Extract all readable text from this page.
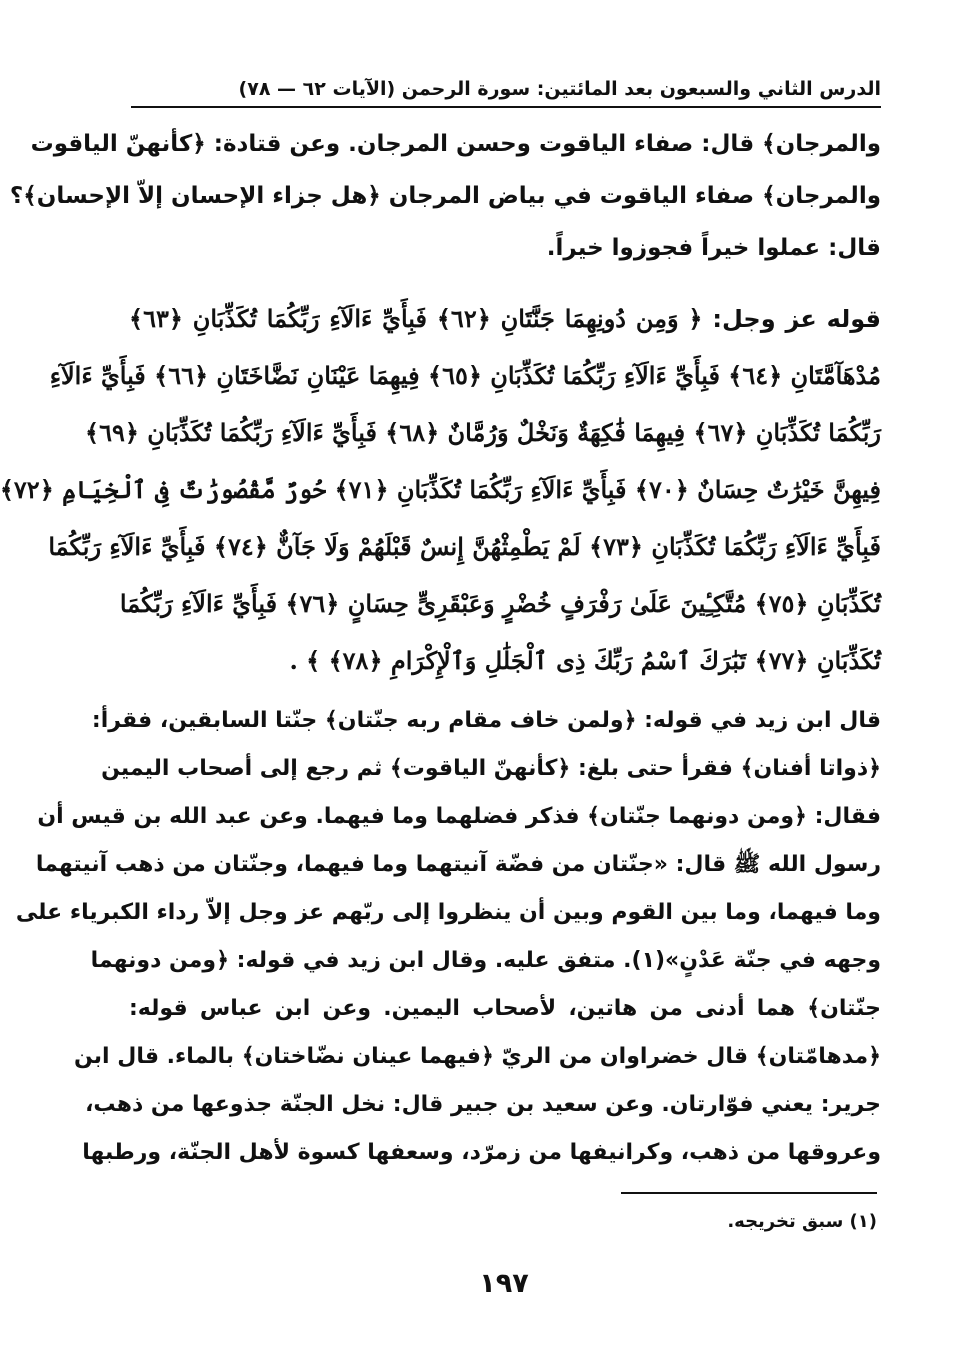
الدرس الثاني والسبعون بعد المائتين: سورة الرحمن (الآيات ٦٢ — ٧٨)
والمرجان﴾ قال: صفاء الياقوت وحسن المرجان. وعن قتادة: ﴿كأنهنّ الياقوت
والمرجان﴾ صفاء الياقوت في بياض المرجان ﴿هل جزاء الإحسان إلاّ الإحسان﴾؟
قال: عملوا خيراً فجوزوا خيراً.
قوله عز وجل: ﴿ وَمِن دُونِهِمَا جَنَّتَانِ ﴿٦٢﴾ فَبِأَيِّ ءَالَآءِ رَبِّكُمَا تُكَذِّبَانِ ﴿٦٣﴾
مُدْهَآمَّتَانِ ﴿٦٤﴾ فَبِأَيِّ ءَالَآءِ رَبِّكُمَا تُكَذِّبَانِ ﴿٦٥﴾ فِيهِمَا عَيْنَانِ نَضَّاخَتَانِ ﴿٦٦﴾ فَبِأَيِّ ءَالَآءِ
رَبِّكُمَا تُكَذِّبَانِ ﴿٦٧﴾ فِيهِمَا فَٰكِهَةٌ وَنَخْلٌ وَرُمَّانٌ ﴿٦٨﴾ فَبِأَيِّ ءَالَآءِ رَبِّكُمَا تُكَذِّبَانِ ﴿٦٩﴾
فِيهِنَّ خَيْرَٰتٌ حِسَانٌ ﴿٧٠﴾ فَبِأَيِّ ءَالَآءِ رَبِّكُمَا تُكَذِّبَانِ ﴿٧١﴾ حُورٌ مَّقْصُورَٰتٌ فِى ٱلْخِيَامِ ﴿٧٢﴾
فَبِأَيِّ ءَالَآءِ رَبِّكُمَا تُكَذِّبَانِ ﴿٧٣﴾ لَمْ يَطْمِثْهُنَّ إِنسٌ قَبْلَهُمْ وَلَا جَآنٌّ ﴿٧٤﴾ فَبِأَيِّ ءَالَآءِ رَبِّكُمَا
تُكَذِّبَانِ ﴿٧٥﴾ مُتَّكِـِٔينَ عَلَىٰ رَفْرَفٍ خُضْرٍ وَعَبْقَرِىٍّ حِسَانٍ ﴿٧٦﴾ فَبِأَيِّ ءَالَآءِ رَبِّكُمَا
تُكَذِّبَانِ ﴿٧٧﴾ تَبَٰرَكَ ٱسْمُ رَبِّكَ ذِى ٱلْجَلَٰلِ وَٱلْإِكْرَامِ ﴿٧٨﴾ ﴾ .
قال ابن زيد في قوله: ﴿ولمن خاف مقام ربه جنّتان﴾ جنّتا السابقين، فقرأ:
﴿ذواتا أفنان﴾ فقرأ حتى بلغ: ﴿كأنهنّ الياقوت﴾ ثم رجع إلى أصحاب اليمين
فقال: ﴿ومن دونهما جنّتان﴾ فذكر فضلهما وما فيهما. وعن عبد الله بن قيس أن
رسول الله ﷺ قال: «جنّتان من فضّة آنيتهما وما فيهما، وجنّتان من ذهب آنيتهما
وما فيهما، وما بين القوم وبين أن ينظروا إلى ربّهم عز وجل إلاّ رداء الكبرياء على
وجهه في جنّة عَدْنٍ»(١). متفق عليه. وقال ابن زيد في قوله: ﴿ومن دونهما
جنّتان﴾ هما أدنى من هاتين، لأصحاب اليمين. وعن ابن عباس قوله:
﴿مدهامّتان﴾ قال خضراوان من الريّ ﴿فيهما عينان نضّاختان﴾ بالماء. قال ابن
جرير: يعني فوّارتان. وعن سعيد بن جبير قال: نخل الجنّة جذوعها من ذهب،
وعروقها من ذهب، وكرانيفها من زمرّد، وسعفها كسوة لأهل الجنّة، ورطبها
(١) سبق تخريجه.
١٩٧
